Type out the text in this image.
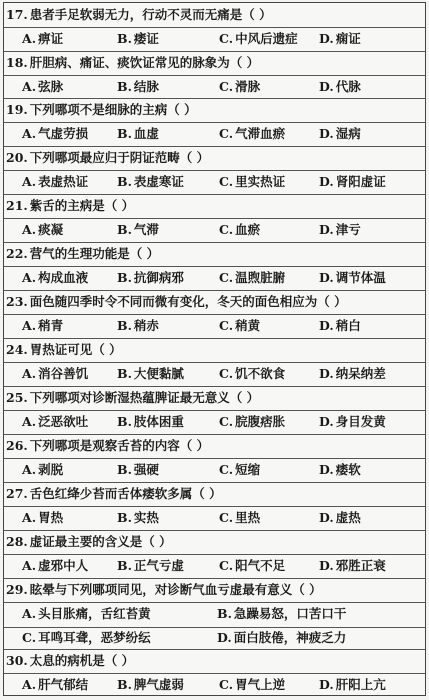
17. 患者手足软弱无力，行动不灵而无痛是（ ）
A. 痹证	B. 痿证	C. 中风后遗症 D. 痫证
18. 肝胆病、痛证、痰饮证常见的脉象为（ ）
A. 弦脉	B. 结脉	C. 滑脉	D. 代脉
19. 下列哪项不是细脉的主病（ ）
A. 气虚劳损 B. 血虚	C. 气滞血瘀	D. 湿病
20. 下列哪项最应归于阴证范畴（ ）
A. 表虚热证 B. 表虚寒证	C. 里实热证	D. 肾阳虚证
21. 紫舌的主病是（ ）
A. 痰凝	B. 气滞	C. 血瘀	D. 津亏
22. 营气的生理功能是（ ）
A. 构成血液 B. 抗御病邪	C. 温煦脏腑	D. 调节体温
23. 面色随四季时令不同而微有变化，冬天的面色相应为（ ）
A. 稍青	B. 稍赤	C. 稍黄	D. 稍白
24. 胃热证可见（ ）
A. 消谷善饥 B. 大便黏腻	C. 饥不欲食	D. 纳呆纳差
25. 下列哪项对诊断湿热蕴脾证最无意义（ ）
A. 泛恶欲吐 B. 肢体困重	C. 脘腹痞胀	D. 身目发黄
26. 下列哪项是观察舌苔的内容（ ）
A. 剥脱	B. 强硬	C. 短缩	D. 痿软
27. 舌色红绛少苔而舌体痿软多属（ ）
A. 胃热	B. 实热	C. 里热	D. 虚热
28. 虚证最主要的含义是（ ）
A. 虚邪中人 B. 正气亏虚	C. 阳气不足	D. 邪胜正衰
29. 眩晕与下列哪项同见，对诊断气血亏虚最有意义（ ）
A. 头目胀痛，舌红苔黄	B. 急躁易怒，口苦口干
C. 耳鸣耳聋，恶梦纷纭	D. 面白肢倦，神疲乏力
30. 太息的病机是（ ）
A. 肝气郁结 B. 脾气虚弱	C. 胃气上逆	D. 肝阳上亢
